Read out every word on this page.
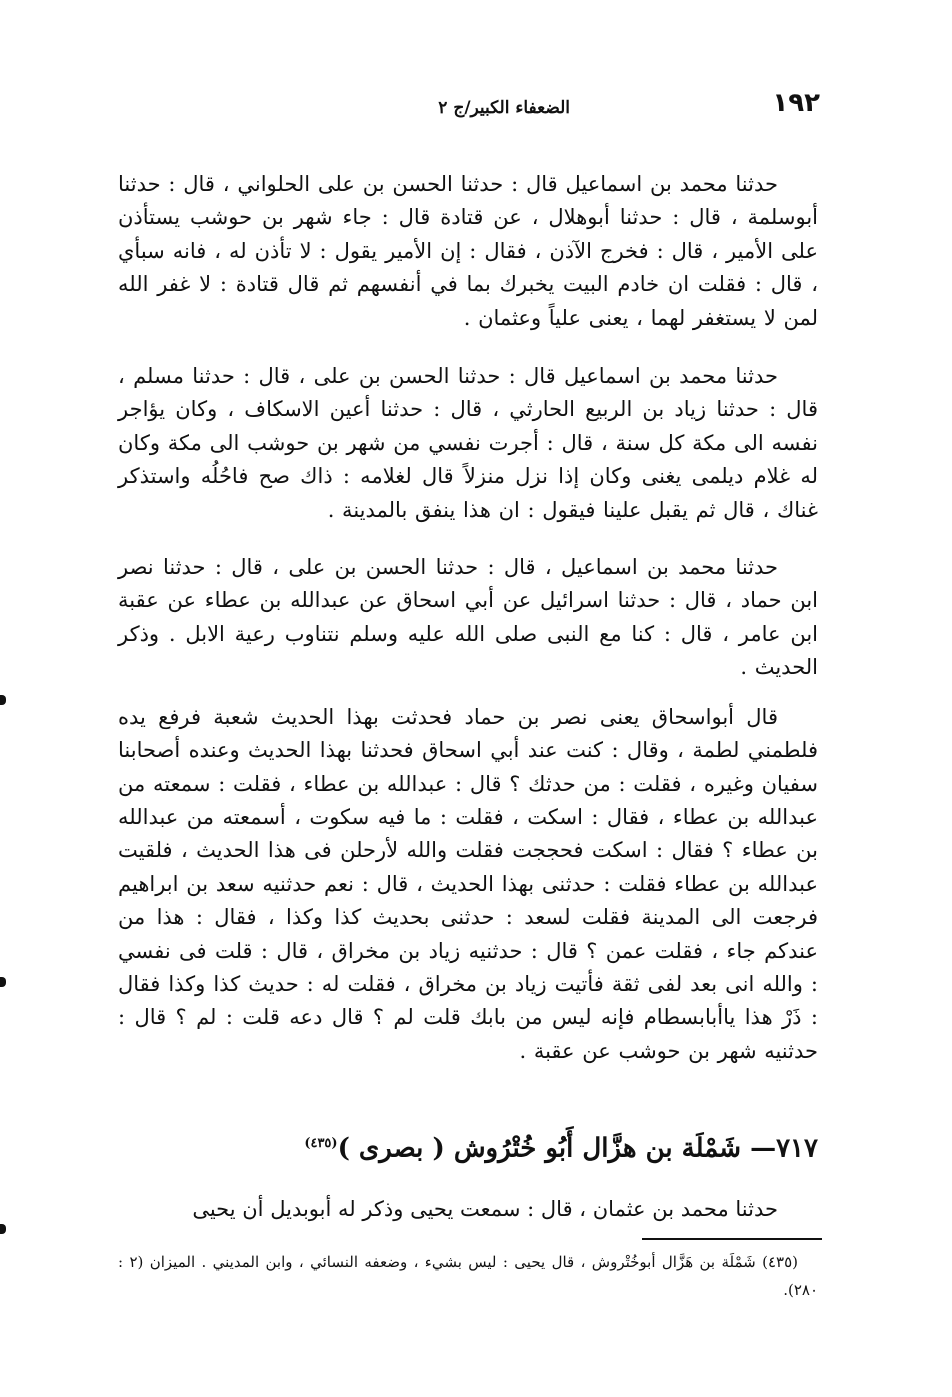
١٩٢
الضعفاء الكبير/ج ٢

حدثنا محمد بن اسماعيل قال : حدثنا الحسن بن على الحلواني ، قال : حدثنا أبوسلمة ، قال : حدثنا أبوهلال ، عن قتادة قال : جاء شهر بن حوشب يستأذن على الأمير ، قال : فخرج الآذن ، فقال : إن الأمير يقول : لا تأذن له ، فانه سبأي ، قال : فقلت ان خادم البيت يخبرك بما في أنفسهم ثم قال قتادة : لا غفر الله لمن لا يستغفر لهما ، يعنى علياً وعثمان .

حدثنا محمد بن اسماعيل قال : حدثنا الحسن بن على ، قال : حدثنا مسلم ، قال : حدثنا زياد بن الربيع الحارثي ، قال : حدثنا أعين الاسكاف ، وكان يؤاجر نفسه الى مكة كل سنة ، قال : أجرت نفسي من شهر بن حوشب الى مكة وكان له غلام ديلمى يغنى وكان إذا نزل منزلاً قال لغلامه : ذاك صح فاحُلُه واستذكر غناك ، قال ثم يقبل علينا فيقول : ان هذا ينفق بالمدينة .

حدثنا محمد بن اسماعيل ، قال : حدثنا الحسن بن على ، قال : حدثنا نصر ابن حماد ، قال : حدثنا اسرائيل عن أبي اسحاق عن عبدالله بن عطاء عن عقبة ابن عامر ، قال : كنا مع النبى صلى الله عليه وسلم نتناوب رعية الابل . وذكر الحديث .

قال أبواسحاق يعنى نصر بن حماد فحدثت بهذا الحديث شعبة فرفع يده فلطمني لطمة ، وقال : كنت عند أبي اسحاق فحدثنا بهذا الحديث وعنده أصحابنا سفيان وغيره ، فقلت : من حدثك ؟ قال : عبدالله بن عطاء ، فقلت : سمعته من عبدالله بن عطاء ، فقال : اسكت ، فقلت : ما فيه سكوت ، أسمعته من عبدالله بن عطاء ؟ فقال : اسكت فحججت فقلت والله لأرحلن فى هذا الحديث ، فلقيت عبدالله بن عطاء فقلت : حدثنى بهذا الحديث ، قال : نعم حدثنيه سعد بن ابراهيم فرجعت الى المدينة فقلت لسعد : حدثنى بحديث كذا وكذا ، فقال : هذا من عندكم جاء ، فقلت عمن ؟ قال : حدثنيه زياد بن مخراق ، قال : قلت فى نفسي : والله انى بعد لفى ثقة فأتيت زياد بن مخراق ، فقلت له : حديث كذا وكذا فقال : ذَرْ هذا ياأبابسطام فإنه ليس من بابك قلت لم ؟ قال دعه قلت : لم ؟ قال : حدثنيه شهر بن حوشب عن عقبة .

٧١٧— شَمْلَة بن هزَّال أَبُو خُتْرُوش ( بصرى )$^{(٤٣٥)}$
حدثنا محمد بن عثمان ، قال : سمعت يحيى وذكر له أبوبديل أن يحيى
(٤٣٥) شَمْلَة بن هَزَّال أبوخُتْروش ، قال يحيى : ليس بشيء ، وضعفه النسائي ، وابن المديني . الميزان (٢ : ٢٨٠).
